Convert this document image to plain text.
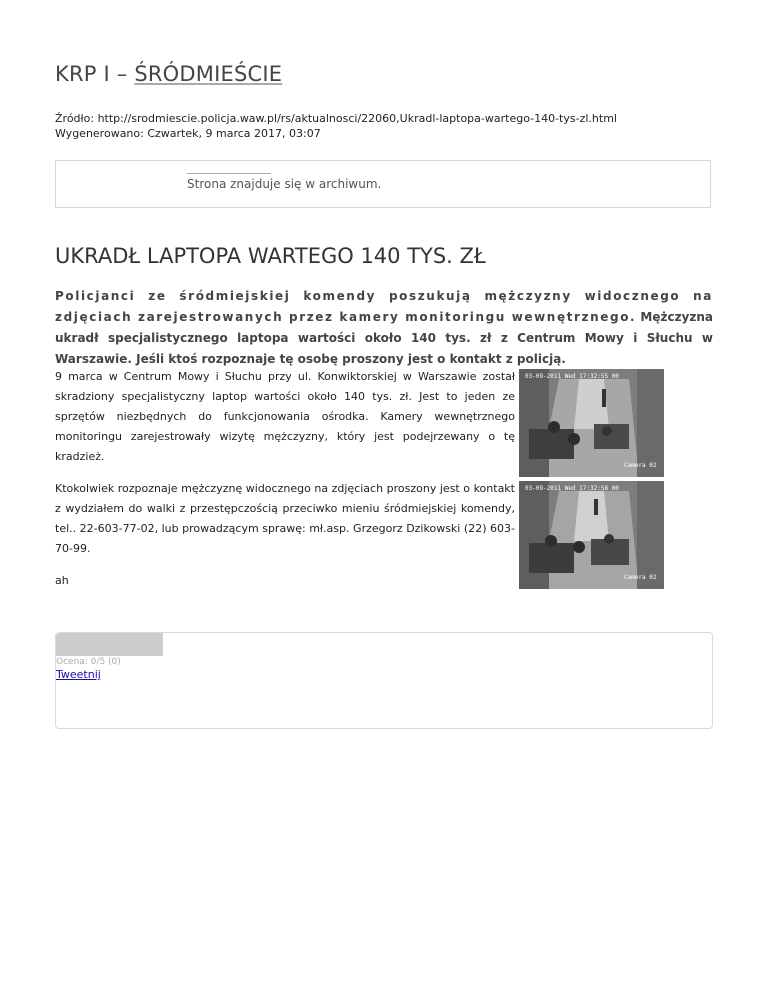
KRP I – ŚRÓDMIEŚCIE
Źródło: http://srodmiescie.policja.waw.pl/rs/aktualnosci/22060,Ukradl-laptopa-wartego-140-tys-zl.html
Wygenerowano: Czwartek, 9 marca 2017, 03:07
Strona znajduje się w archiwum.
UKRADŁ LAPTOPA WARTEGO 140 TYS. ZŁ

Policjanci ze śródmiejskiej komendy poszukują mężczyzny widocznego na zdjęciach zarejestrowanych przez kamery monitoringu wewnętrznego. Mężczyzna ukradł specjalistycznego laptopa wartości około 140 tys. zł z Centrum Mowy i Słuchu w Warszawie. Jeśli ktoś rozpoznaje tę osobę proszony jest o kontakt z policją.

9 marca w Centrum Mowy i Słuchu przy ul. Konwiktorskiej w Warszawie został skradziony specjalistyczny laptop wartości około 140 tys. zł. Jest to jeden ze sprzętów niezbędnych do funkcjonowania ośrodka. Kamery wewnętrznego monitoringu zarejestrowały wizytę mężczyzny, który jest podejrzewany o tę kradzież.

Ktokolwiek rozpoznaje mężczyznę widocznego na zdjęciach proszony jest o kontakt z wydziałem do walki z przestępczością przeciwko mieniu śródmiejskiej komendy, tel.. 22-603-77-02, lub prowadzącym sprawę: mł.asp. Grzegorz Dzikowski (22) 603-70-99.

ah

03-09-2011 Wed 17:32:55 00
Camera 02
03-09-2011 Wed 17:32:58 00
Camera 02
Ocena: 0/5 (0)
Tweetnij
